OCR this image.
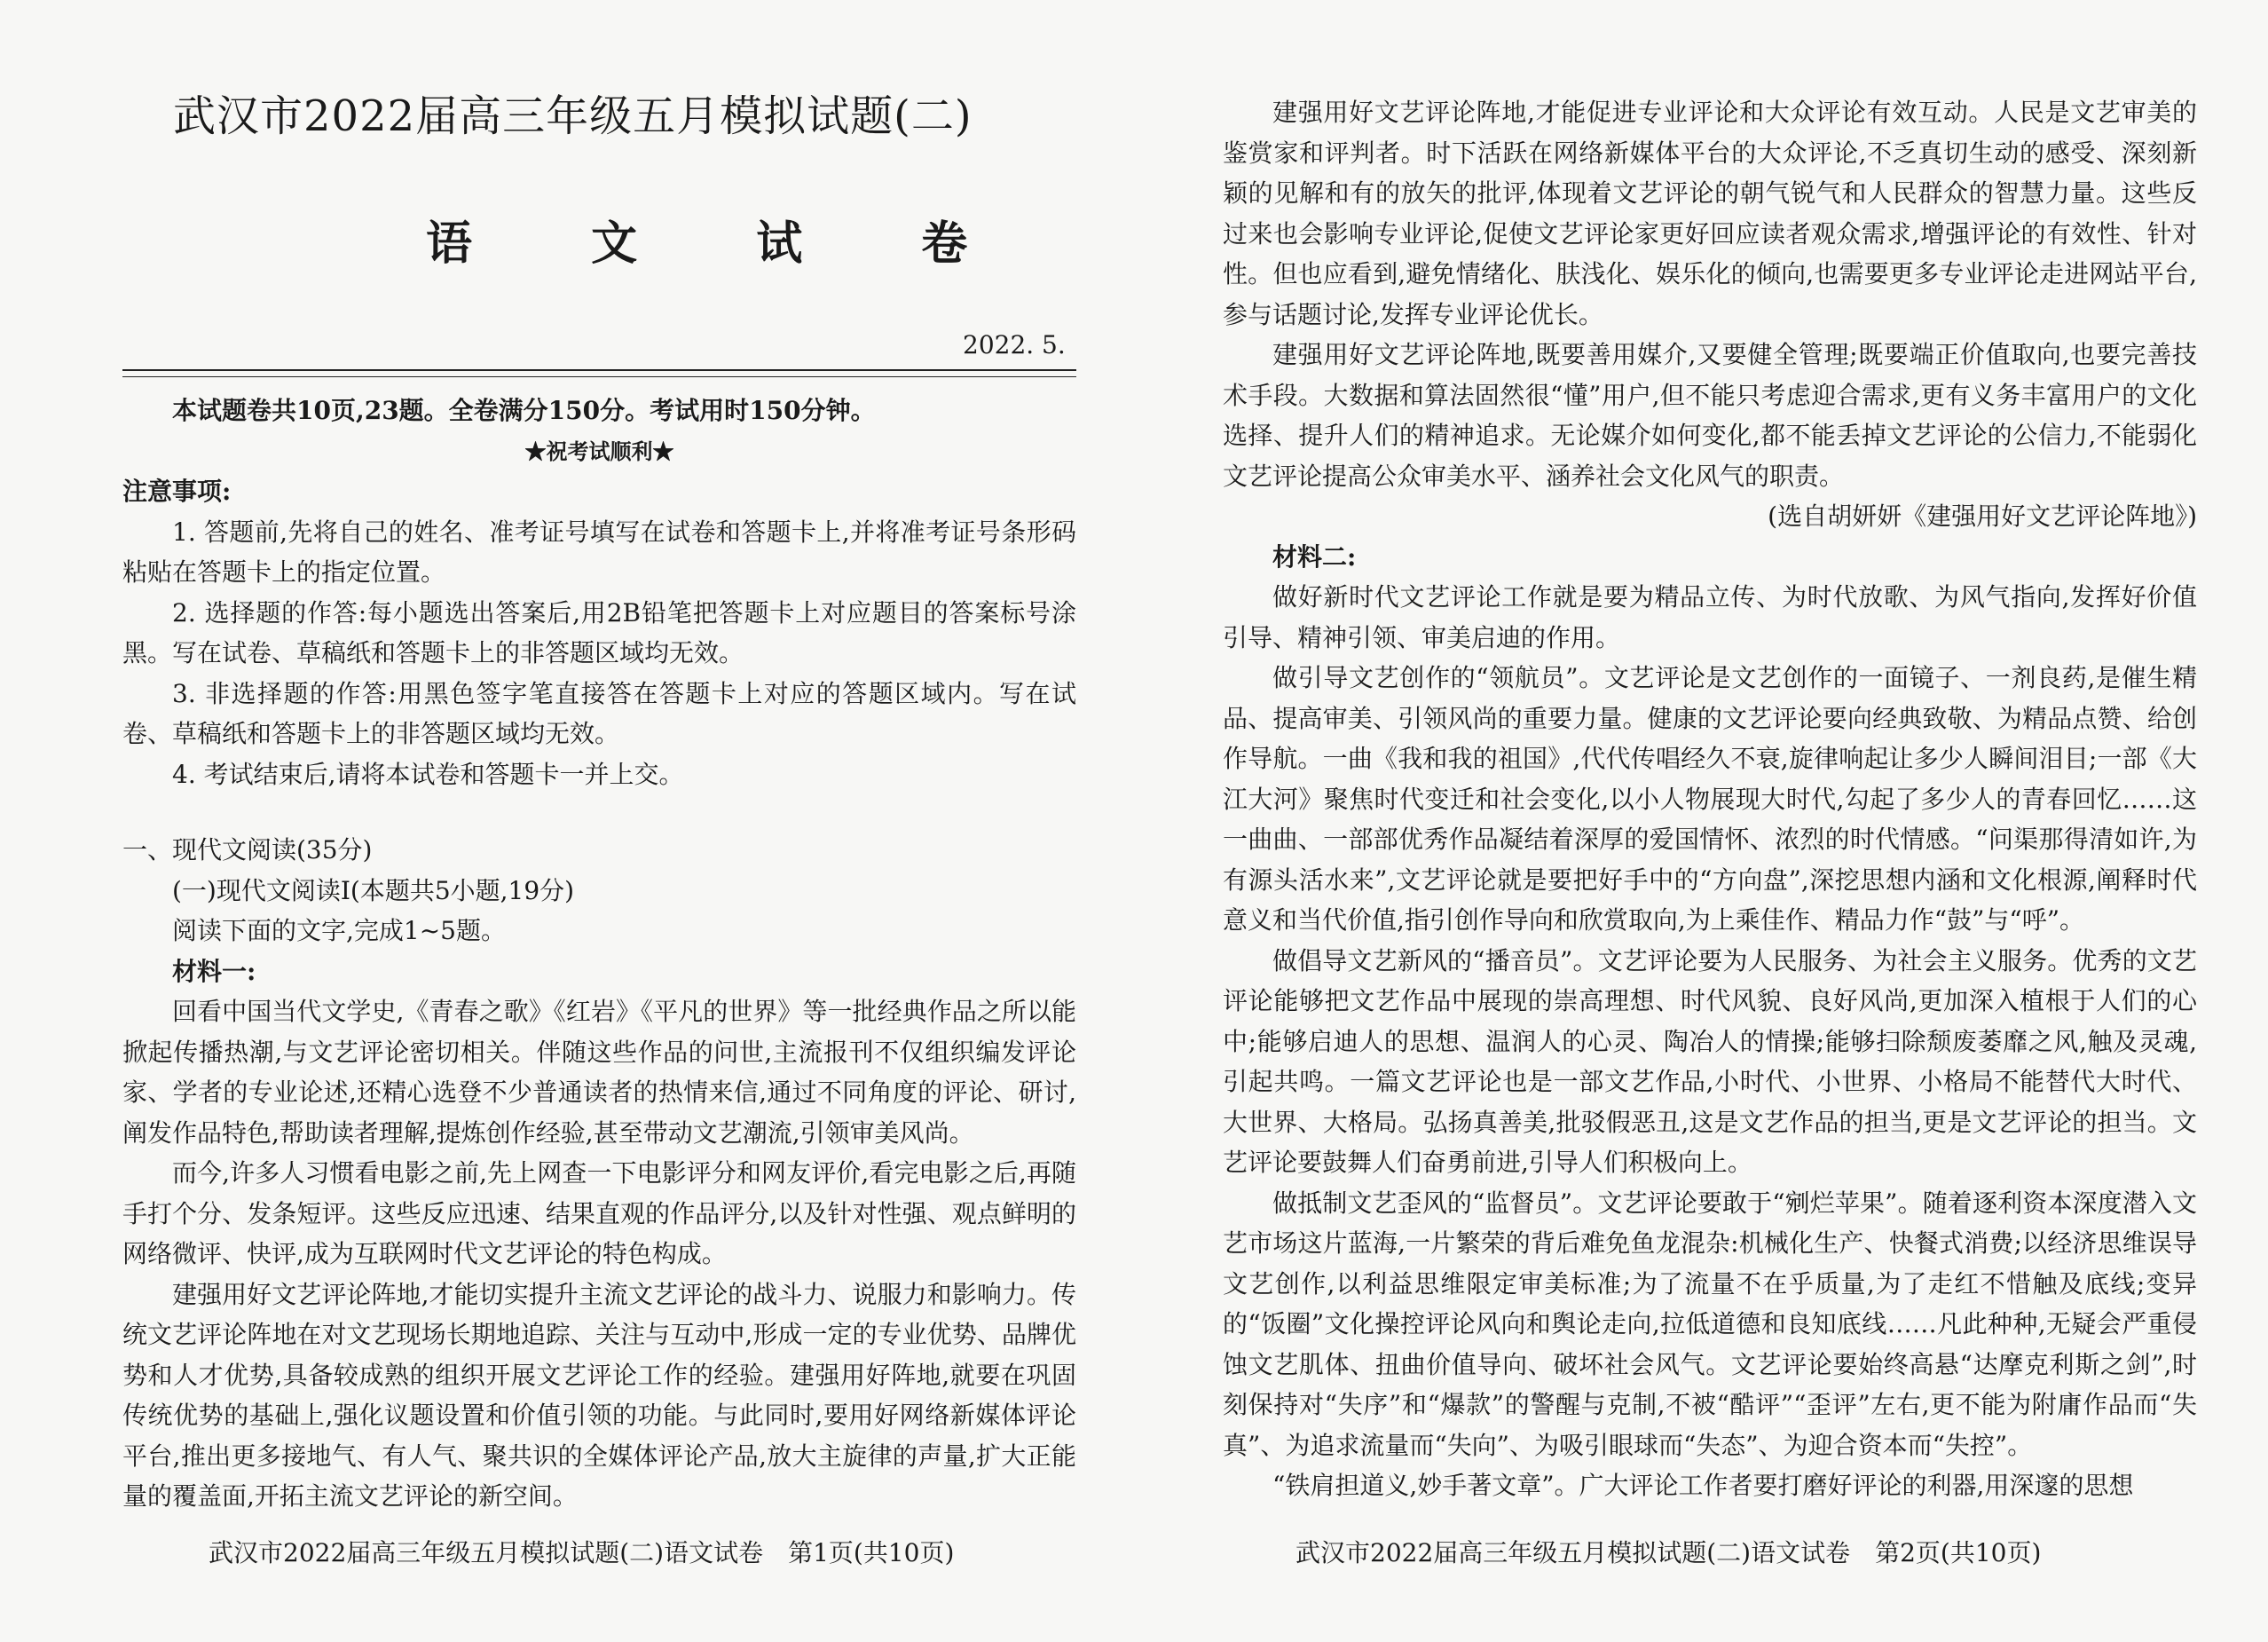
武汉市2022届高三年级五月模拟试题(二)
语 文 试 卷
2022. 5.

本试题卷共10页,23题。全卷满分150分。考试用时150分钟。

★祝考试顺利★

注意事项:

1. 答题前,先将自己的姓名、准考证号填写在试卷和答题卡上,并将准考证号条形码粘贴在答题卡上的指定位置。

2. 选择题的作答:每小题选出答案后,用2B铅笔把答题卡上对应题目的答案标号涂黑。写在试卷、草稿纸和答题卡上的非答题区域均无效。

3. 非选择题的作答:用黑色签字笔直接答在答题卡上对应的答题区域内。写在试卷、草稿纸和答题卡上的非答题区域均无效。

4. 考试结束后,请将本试卷和答题卡一并上交。

一、现代文阅读(35分)

(一)现代文阅读Ⅰ(本题共5小题,19分)

阅读下面的文字,完成1~5题。

材料一:

回看中国当代文学史,《青春之歌》《红岩》《平凡的世界》等一批经典作品之所以能掀起传播热潮,与文艺评论密切相关。伴随这些作品的问世,主流报刊不仅组织编发评论家、学者的专业论述,还精心选登不少普通读者的热情来信,通过不同角度的评论、研讨,阐发作品特色,帮助读者理解,提炼创作经验,甚至带动文艺潮流,引领审美风尚。

而今,许多人习惯看电影之前,先上网查一下电影评分和网友评价,看完电影之后,再随手打个分、发条短评。这些反应迅速、结果直观的作品评分,以及针对性强、观点鲜明的网络微评、快评,成为互联网时代文艺评论的特色构成。

建强用好文艺评论阵地,才能切实提升主流文艺评论的战斗力、说服力和影响力。传统文艺评论阵地在对文艺现场长期地追踪、关注与互动中,形成一定的专业优势、品牌优势和人才优势,具备较成熟的组织开展文艺评论工作的经验。建强用好阵地,就要在巩固传统优势的基础上,强化议题设置和价值引领的功能。与此同时,要用好网络新媒体评论平台,推出更多接地气、有人气、聚共识的全媒体评论产品,放大主旋律的声量,扩大正能量的覆盖面,开拓主流文艺评论的新空间。

武汉市2022届高三年级五月模拟试题(二)语文试卷　第1页(共10页)

建强用好文艺评论阵地,才能促进专业评论和大众评论有效互动。人民是文艺审美的鉴赏家和评判者。时下活跃在网络新媒体平台的大众评论,不乏真切生动的感受、深刻新颖的见解和有的放矢的批评,体现着文艺评论的朝气锐气和人民群众的智慧力量。这些反过来也会影响专业评论,促使文艺评论家更好回应读者观众需求,增强评论的有效性、针对性。但也应看到,避免情绪化、肤浅化、娱乐化的倾向,也需要更多专业评论走进网站平台,参与话题讨论,发挥专业评论优长。

建强用好文艺评论阵地,既要善用媒介,又要健全管理;既要端正价值取向,也要完善技术手段。大数据和算法固然很“懂”用户,但不能只考虑迎合需求,更有义务丰富用户的文化选择、提升人们的精神追求。无论媒介如何变化,都不能丢掉文艺评论的公信力,不能弱化文艺评论提高公众审美水平、涵养社会文化风气的职责。

(选自胡妍妍《建强用好文艺评论阵地》)

材料二:

做好新时代文艺评论工作就是要为精品立传、为时代放歌、为风气指向,发挥好价值引导、精神引领、审美启迪的作用。

做引导文艺创作的“领航员”。文艺评论是文艺创作的一面镜子、一剂良药,是催生精品、提高审美、引领风尚的重要力量。健康的文艺评论要向经典致敬、为精品点赞、给创作导航。一曲《我和我的祖国》,代代传唱经久不衰,旋律响起让多少人瞬间泪目;一部《大江大河》聚焦时代变迁和社会变化,以小人物展现大时代,勾起了多少人的青春回忆……这一曲曲、一部部优秀作品凝结着深厚的爱国情怀、浓烈的时代情感。“问渠那得清如许,为有源头活水来”,文艺评论就是要把好手中的“方向盘”,深挖思想内涵和文化根源,阐释时代意义和当代价值,指引创作导向和欣赏取向,为上乘佳作、精品力作“鼓”与“呼”。

做倡导文艺新风的“播音员”。文艺评论要为人民服务、为社会主义服务。优秀的文艺评论能够把文艺作品中展现的崇高理想、时代风貌、良好风尚,更加深入植根于人们的心中;能够启迪人的思想、温润人的心灵、陶冶人的情操;能够扫除颓废萎靡之风,触及灵魂,引起共鸣。一篇文艺评论也是一部文艺作品,小时代、小世界、小格局不能替代大时代、大世界、大格局。弘扬真善美,批驳假恶丑,这是文艺作品的担当,更是文艺评论的担当。文艺评论要鼓舞人们奋勇前进,引导人们积极向上。

做抵制文艺歪风的“监督员”。文艺评论要敢于“剜烂苹果”。随着逐利资本深度潜入文艺市场这片蓝海,一片繁荣的背后难免鱼龙混杂:机械化生产、快餐式消费;以经济思维误导文艺创作,以利益思维限定审美标准;为了流量不在乎质量,为了走红不惜触及底线;变异的“饭圈”文化操控评论风向和舆论走向,拉低道德和良知底线……凡此种种,无疑会严重侵蚀文艺肌体、扭曲价值导向、破坏社会风气。文艺评论要始终高悬“达摩克利斯之剑”,时刻保持对“失序”和“爆款”的警醒与克制,不被“酷评”“歪评”左右,更不能为附庸作品而“失真”、为追求流量而“失向”、为吸引眼球而“失态”、为迎合资本而“失控”。

“铁肩担道义,妙手著文章”。广大评论工作者要打磨好评论的利器,用深邃的思想

武汉市2022届高三年级五月模拟试题(二)语文试卷　第2页(共10页)
